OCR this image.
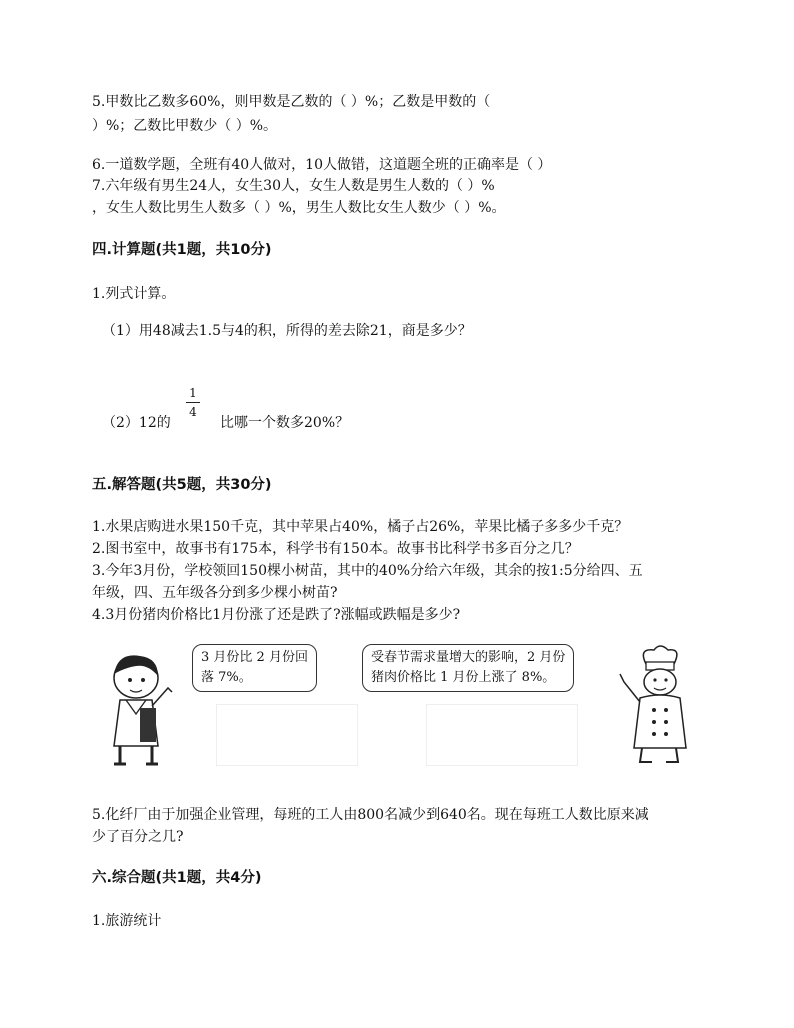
5.甲数比乙数多60%，则甲数是乙数的（ ）%；乙数是甲数的（
）%；乙数比甲数少（ ）%。
6.一道数学题，全班有40人做对，10人做错，这道题全班的正确率是（ ）
7.六年级有男生24人，女生30人，女生人数是男生人数的（ ）%
，女生人数比男生人数多（ ）%，男生人数比女生人数少（ ）%。
四.计算题(共1题，共10分)
1.列式计算。
（1）用48减去1.5与4的积，所得的差去除21，商是多少？
（2）12的
1
4
比哪一个数多20%？
五.解答题(共5题，共30分)
1.水果店购进水果150千克，其中苹果占40%，橘子占26%，苹果比橘子多多少千克？
2.图书室中，故事书有175本，科学书有150本。故事书比科学书多百分之几？
3.今年3月份，学校领回150棵小树苗，其中的40%分给六年级，其余的按1:5分给四、五
年级，四、五年级各分到多少棵小树苗?
4.3月份猪肉价格比1月份涨了还是跌了?涨幅或跌幅是多少?
3 月份比 2 月份回
落 7%。
受春节需求量增大的影响，2 月份
猪肉价格比 1 月份上涨了 8%。
5.化纤厂由于加强企业管理，每班的工人由800名减少到640名。现在每班工人数比原来减
少了百分之几?
六.综合题(共1题，共4分)
1.旅游统计
